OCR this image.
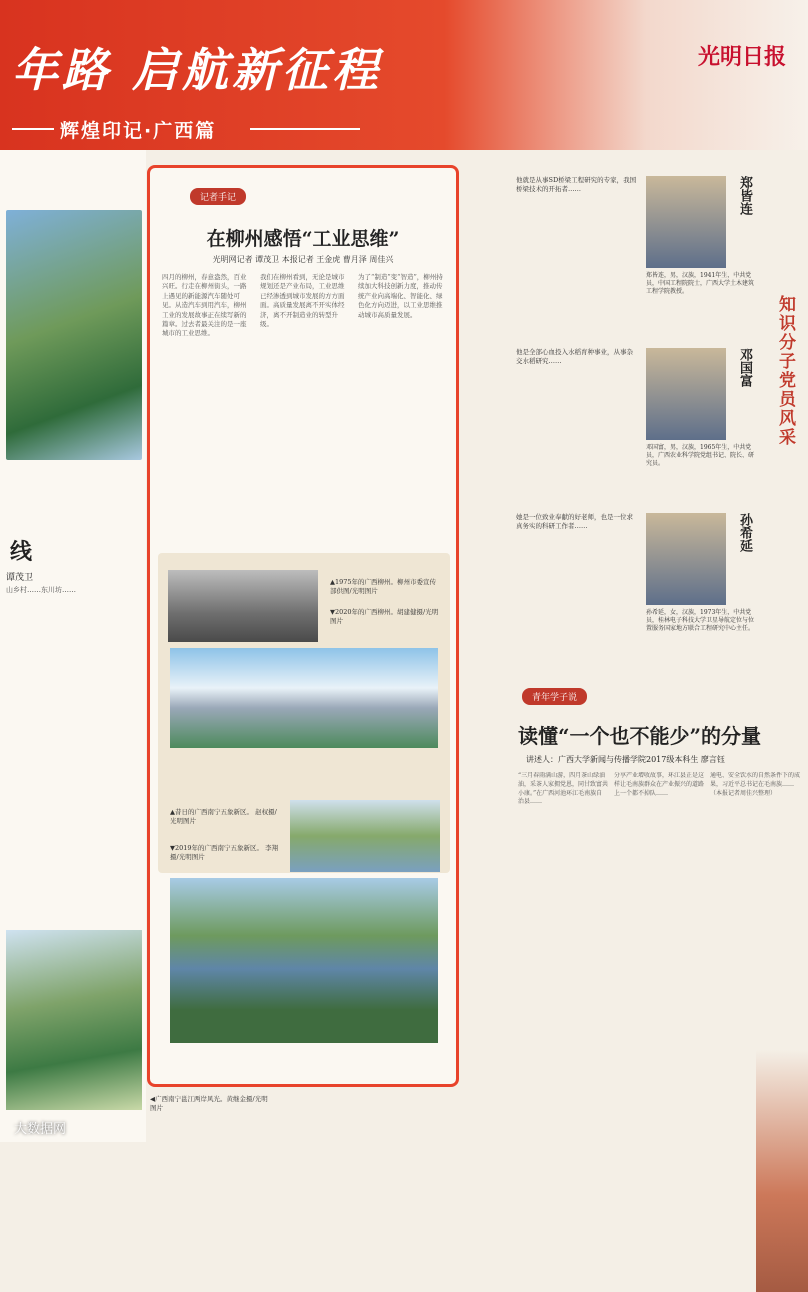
年路 启航新征程
辉煌印记·广西篇
光明日报
线
谭茂卫
山乡村……东川坊……
大数据网
记者手记
在柳州感悟“工业思维”
光明网记者 谭茂卫 本报记者 王金虎 曹月泽 周佳兴
四月的柳州，春意盎然，百业兴旺。行走在柳州街头，一路上遇见的新能源汽车随处可见。从造汽车到用汽车，柳州工业的发展故事正在续写新的篇章。过去者最关注的是一座城市的工业思维。
我们在柳州看到，无论是城市规划还是产业布局，工业思维已经渗透到城市发展的方方面面。高质量发展离不开实体经济，离不开制造业的转型升级。
为了“制造”变“智造”，柳州持续加大科技创新力度，推动传统产业向高端化、智能化、绿色化方向迈进，以工业思维推动城市高质量发展。
▲1975年的广西柳州。柳州市委宣传部供图/光明图片
▼2020年的广西柳州。胡建健摄/光明图片
▲昔日的广西南宁五象新区。 赵权摄/光明图片
▼2019年的广西南宁五象新区。 李翔摄/光明图片
◀广西南宁邕江两岸风光。黄继金摄/光明图片
知识分子党员风采
他就是从事SD桥梁工程研究的专家，我国桥梁技术的开拓者……	郑皆连
郑皆连，男，汉族，1941年生，中共党员，中国工程院院士，广西大学土木建筑工程学院教授。
他是全部心血投入水稻育种事业，从事杂交水稻研究……	邓国富
邓国富，男，汉族，1965年生，中共党员，广西农业科学院党组书记、院长、研究员。
她是一位致业奉献的好老师，也是一位求真务实的科研工作者……	孙希延
孙希延，女，汉族，1973年生，中共党员，桂林电子科技大学卫星导航定位与位置服务国家地方联合工程研究中心主任。
青年学子说
读懂“一个也不能少”的分量
讲述人：广西大学新闻与传播学院2017级本科生 廖言钰
“三月春雨满山游，四月茶山绿油油，采茶人家拥党恩，同甘致富共小康。”在广西河池环江毛南族自治县……
分享产业增收故事，环江县正是这样让毛南族群众在产业振兴的道路上一个都不掉队……
通电、安全饮水的自然条件下的成果，习近平总书记在毛南族……（本报记者周佳兴整理）
